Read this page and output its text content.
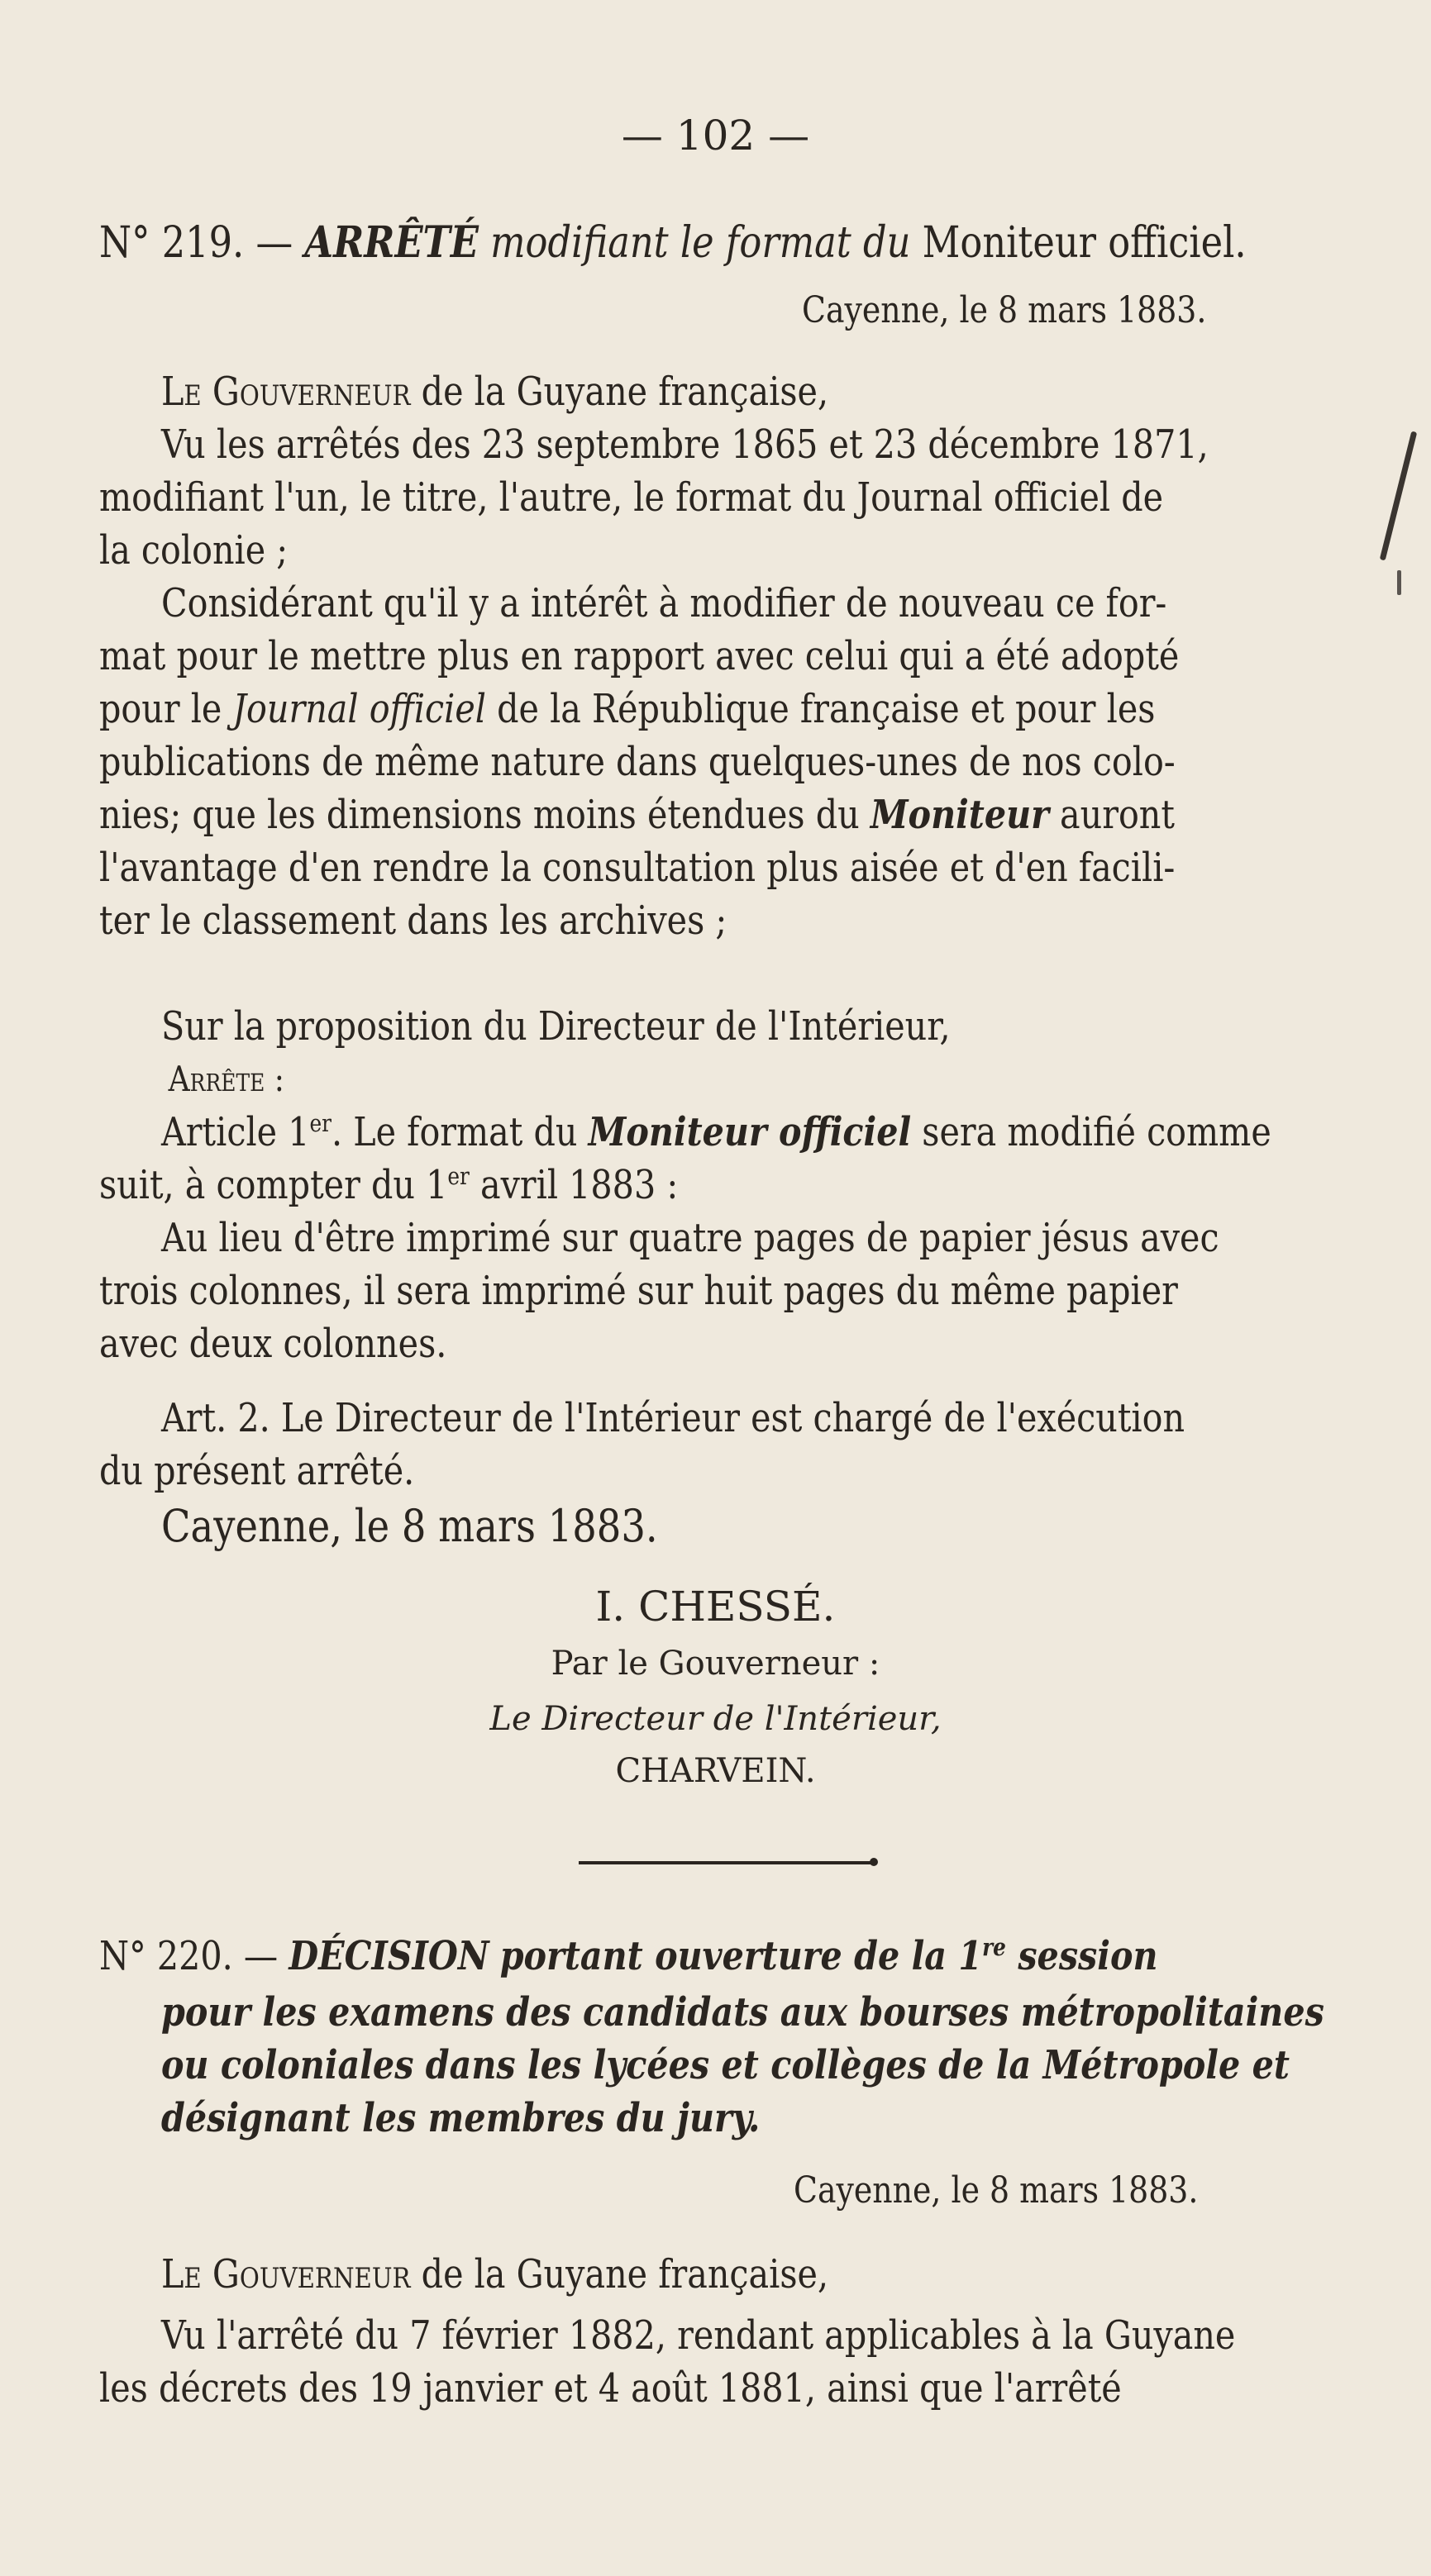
— 102 —
N° 219. — ARRÊTÉ modifiant le format du Moniteur officiel.
Cayenne, le 8 mars 1883.
Le Gouverneur de la Guyane française,
Vu les arrêtés des 23 septembre 1865 et 23 décembre 1871,
modifiant l'un, le titre, l'autre, le format du Journal officiel de
la colonie ;
Considérant qu'il y a intérêt à modifier de nouveau ce for-
mat pour le mettre plus en rapport avec celui qui a été adopté
pour le Journal officiel de la République française et pour les
publications de même nature dans quelques-unes de nos colo-
nies; que les dimensions moins étendues du Moniteur auront
l'avantage d'en rendre la consultation plus aisée et d'en facili-
ter le classement dans les archives ;
Sur la proposition du Directeur de l'Intérieur,
Arrête :
Article 1er. Le format du Moniteur officiel sera modifié comme
suit, à compter du 1er avril 1883 :
Au lieu d'être imprimé sur quatre pages de papier jésus avec
trois colonnes, il sera imprimé sur huit pages du même papier
avec deux colonnes.
Art. 2. Le Directeur de l'Intérieur est chargé de l'exécution
du présent arrêté.
Cayenne, le 8 mars 1883.
I. CHESSÉ.
Par le Gouverneur :
Le Directeur de l'Intérieur,
CHARVEIN.
N° 220. — DÉCISION portant ouverture de la 1re session
pour les examens des candidats aux bourses métropolitaines
ou coloniales dans les lycées et collèges de la Métropole et
désignant les membres du jury.
Cayenne, le 8 mars 1883.
Le Gouverneur de la Guyane française,
Vu l'arrêté du 7 février 1882, rendant applicables à la Guyane
les décrets des 19 janvier et 4 août 1881, ainsi que l'arrêté
